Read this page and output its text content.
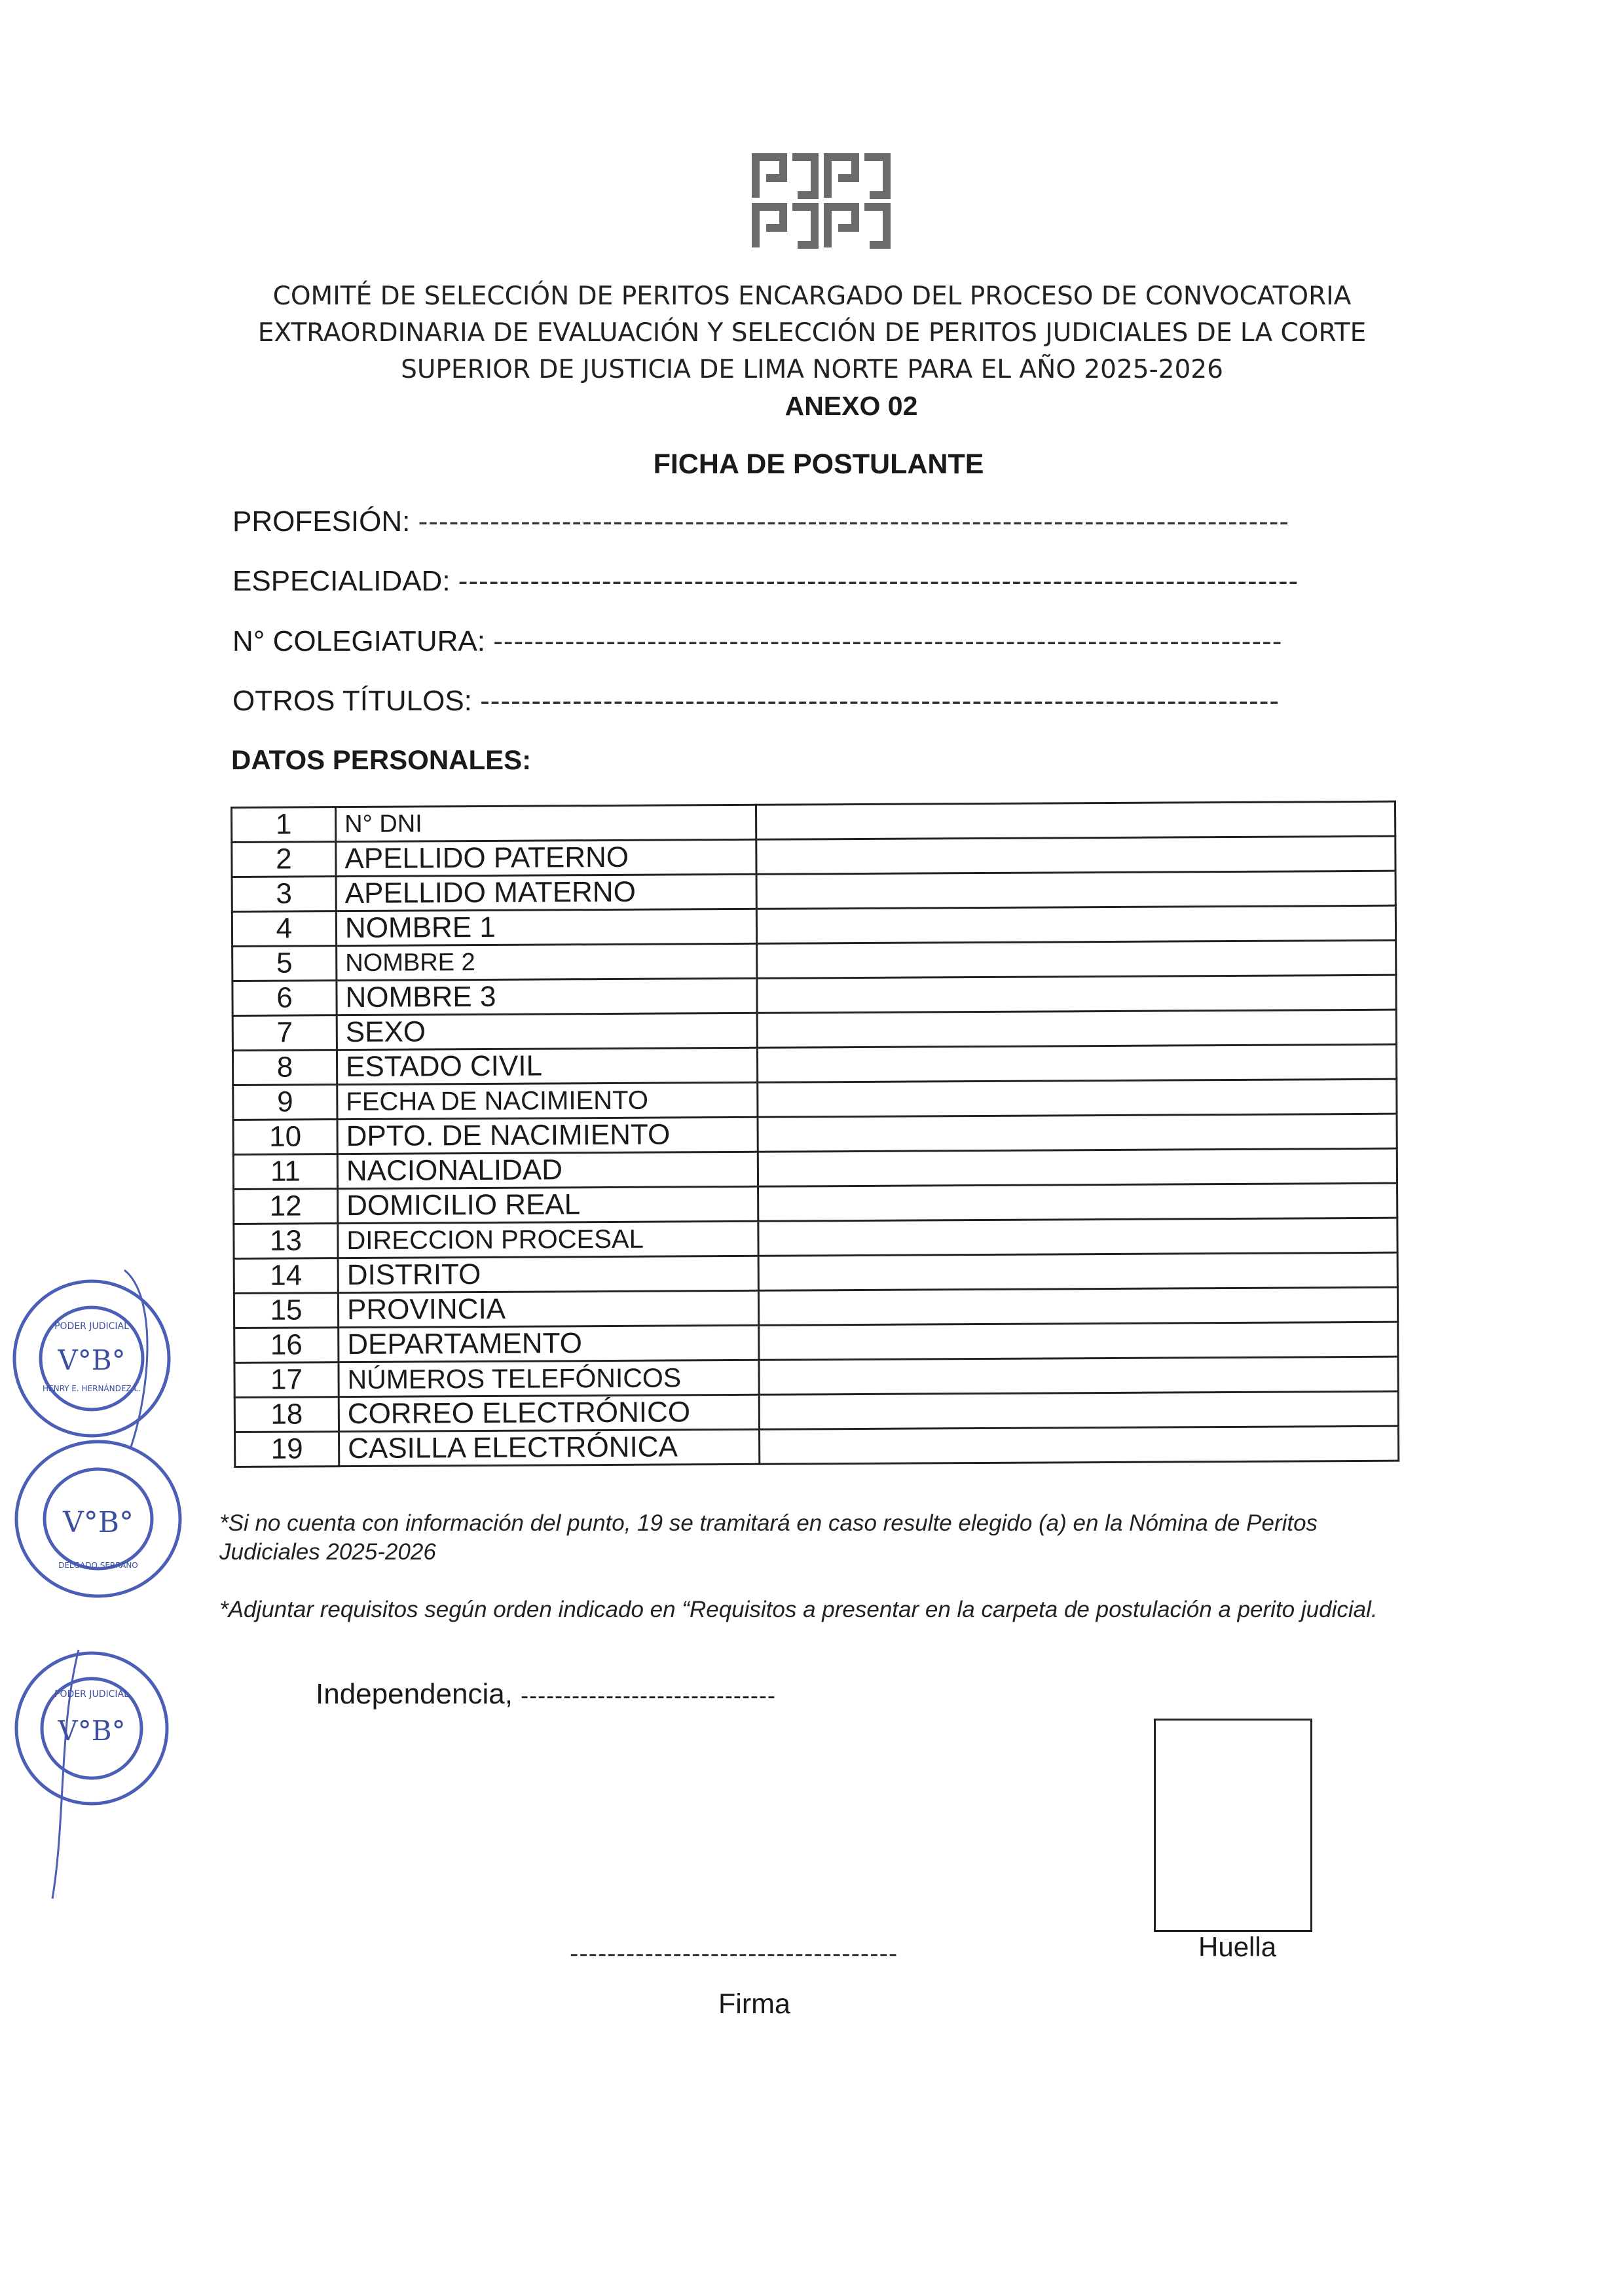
COMITÉ DE SELECCIÓN DE PERITOS ENCARGADO DEL PROCESO DE CONVOCATORIA
EXTRAORDINARIA DE EVALUACIÓN Y SELECCIÓN DE PERITOS JUDICIALES DE LA CORTE
SUPERIOR DE JUSTICIA DE LIMA NORTE PARA EL AÑO 2025-2026
ANEXO 02
FICHA DE POSTULANTE
PROFESIÓN: -------------------------------------------------------------------------------------
ESPECIALIDAD: ----------------------------------------------------------------------------------
N° COLEGIATURA: -----------------------------------------------------------------------------
OTROS TÍTULOS: ------------------------------------------------------------------------------
DATOS PERSONALES:
1	N° DNI	
2	APELLIDO PATERNO	
3	APELLIDO MATERNO	
4	NOMBRE 1	
5	NOMBRE 2	
6	NOMBRE 3	
7	SEXO	
8	ESTADO CIVIL	
9	FECHA DE NACIMIENTO	
10	DPTO. DE NACIMIENTO	
11	NACIONALIDAD	
12	DOMICILIO REAL	
13	DIRECCION PROCESAL	
14	DISTRITO	
15	PROVINCIA	
16	DEPARTAMENTO	
17	NÚMEROS TELEFÓNICOS	
18	CORREO ELECTRÓNICO	
19	CASILLA ELECTRÓNICA	
*Si no cuenta con información del punto, 19 se tramitará en caso resulte elegido (a) en la Nómina de Peritos Judiciales 2025-2026
*Adjuntar requisitos según orden indicado en “Requisitos a presentar en la carpeta de postulación a perito judicial.
Independencia, ------------------------------
Huella
-----------------------------------
Firma
V°B°
PODER JUDICIAL
HENRY E. HERNÁNDEZ L.
V°B°
DELGADO SERRANO
V°B°
PODER JUDICIAL
